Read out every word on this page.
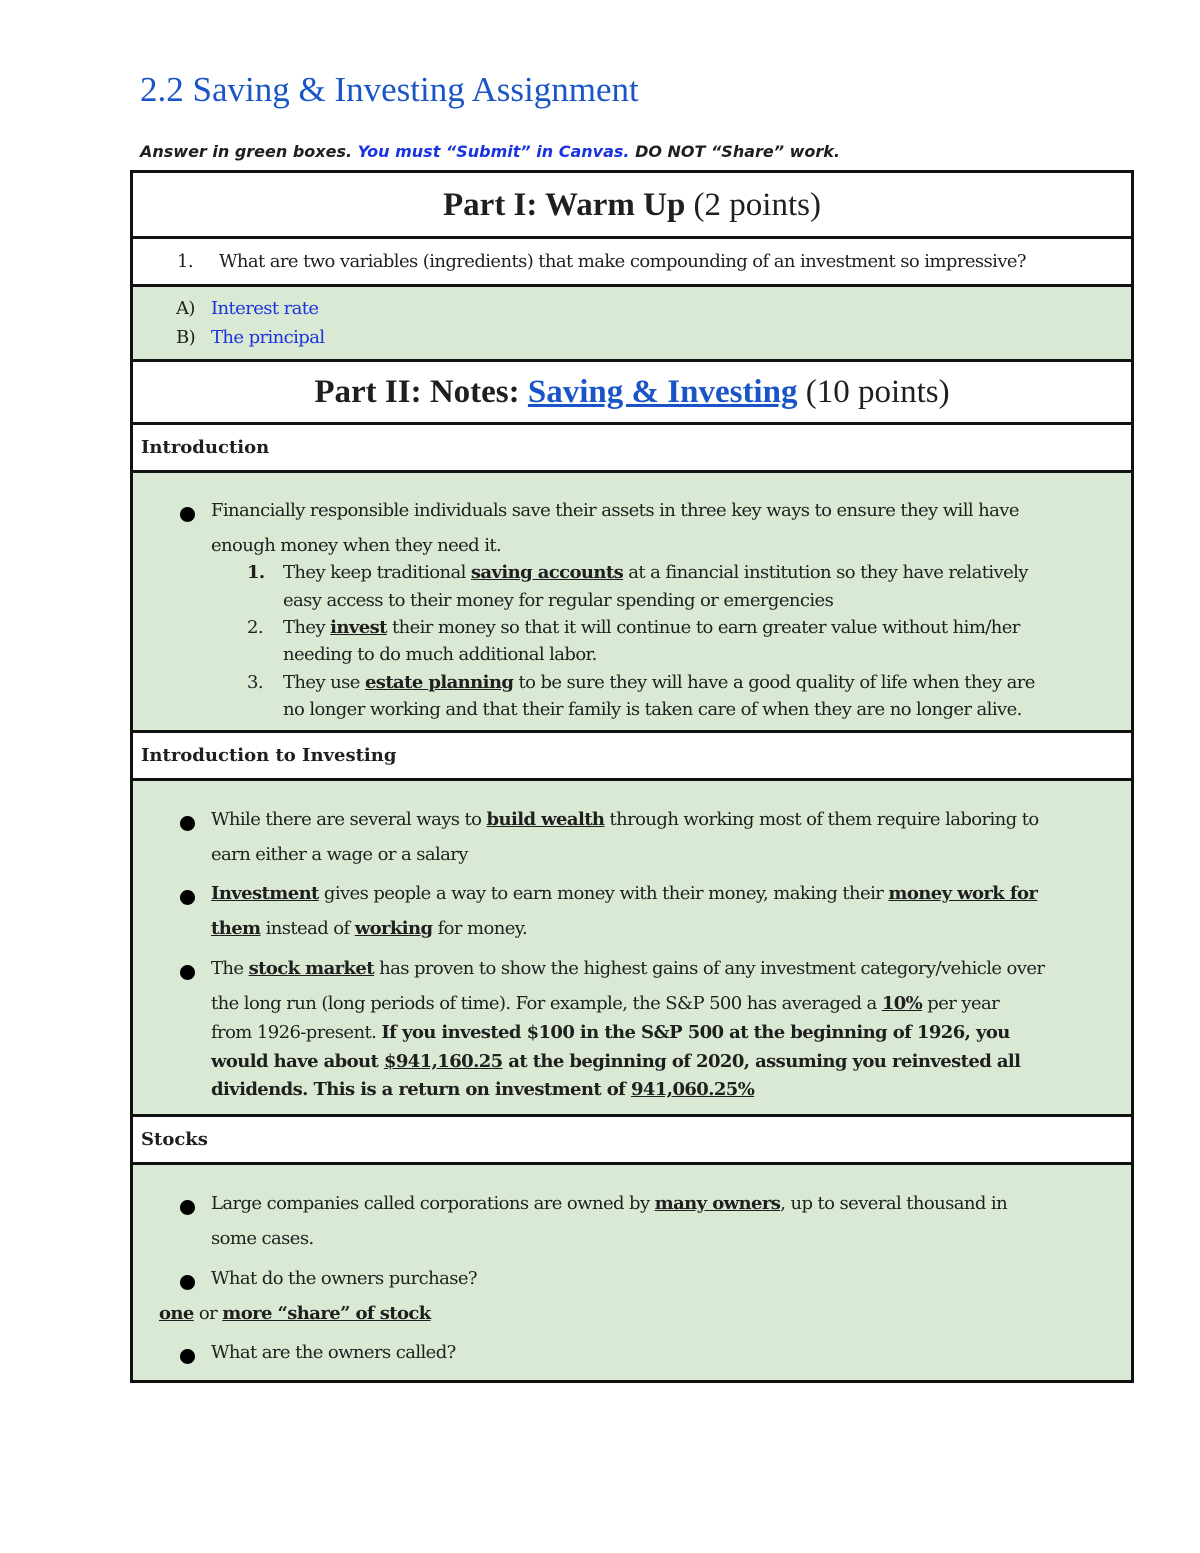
2.2 Saving & Investing Assignment
Answer in green boxes. You must “Submit” in Canvas. DO NOT “Share” work.
Part I: Warm Up (2 points)
1. What are two variables (ingredients) that make compounding of an investment so impressive?
A) Interest rate
B) The principal
Part II: Notes: Saving & Investing (10 points)
Introduction
Financially responsible individuals save their assets in three key ways to ensure they will have
enough money when they need it.
1. They keep traditional saving accounts at a financial institution so they have relatively
easy access to their money for regular spending or emergencies
2. They invest their money so that it will continue to earn greater value without him/her
needing to do much additional labor.
3. They use estate planning to be sure they will have a good quality of life when they are
no longer working and that their family is taken care of when they are no longer alive.
Introduction to Investing
While there are several ways to build wealth through working most of them require laboring to
earn either a wage or a salary
Investment gives people a way to earn money with their money, making their money work for
them instead of working for money.
The stock market has proven to show the highest gains of any investment category/vehicle over
the long run (long periods of time). For example, the S&P 500 has averaged a 10% per year
from 1926-present. If you invested $100 in the S&P 500 at the beginning of 1926, you
would have about $941,160.25 at the beginning of 2020, assuming you reinvested all
dividends. This is a return on investment of 941,060.25%
Stocks
Large companies called corporations are owned by many owners, up to several thousand in
some cases.
What do the owners purchase?
one or more “share” of stock
What are the owners called?
